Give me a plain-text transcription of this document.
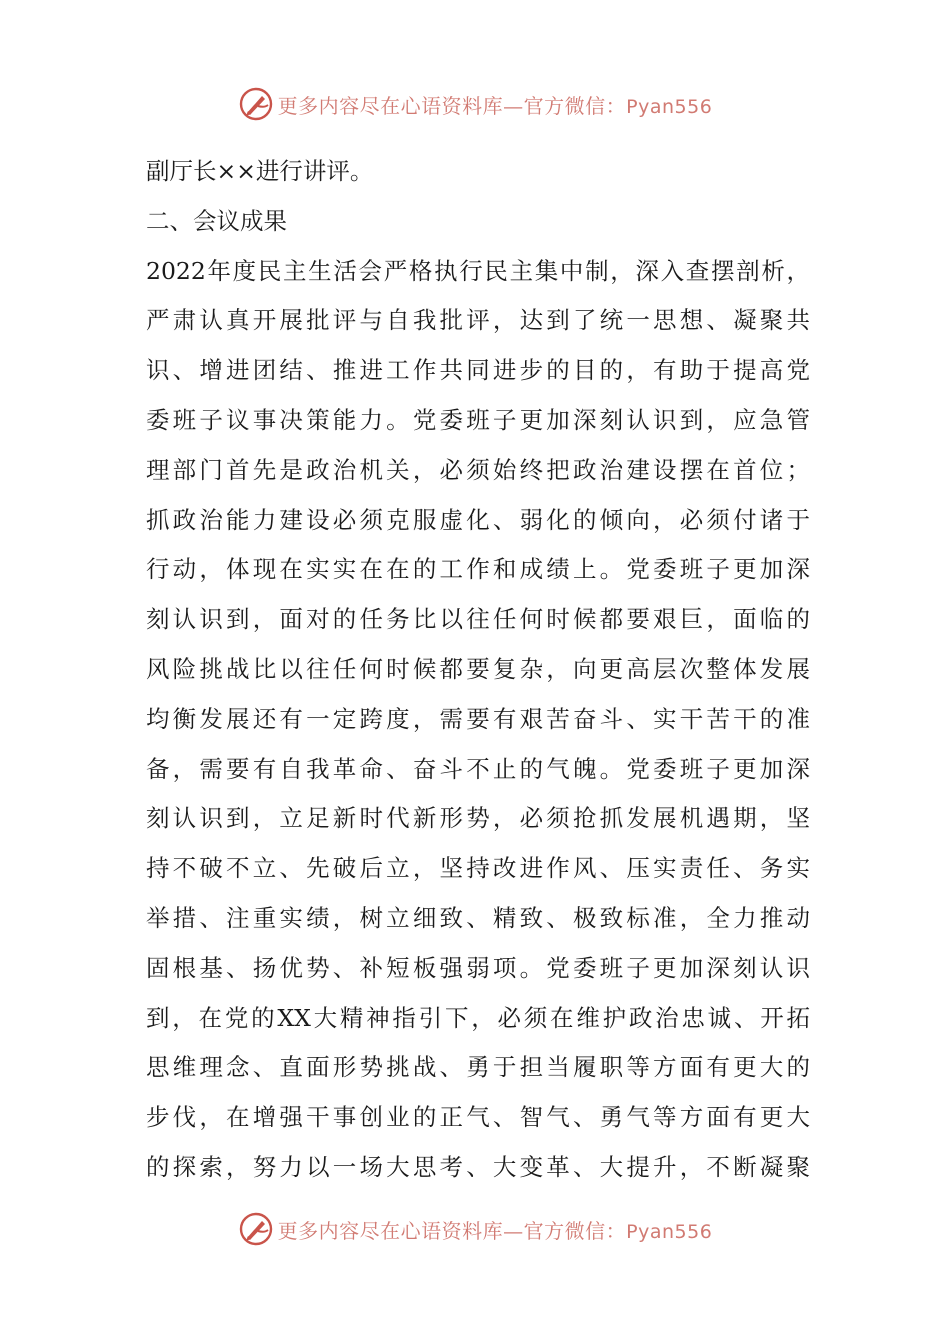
更多内容尽在心语资料库—官方微信：Pyan556
副厅长××进行讲评。
二、会议成果
2022年度民主生活会严格执行民主集中制，深入查摆剖析，
严肃认真开展批评与自我批评，达到了统一思想、凝聚共
识、增进团结、推进工作共同进步的目的，有助于提高党
委班子议事决策能力。党委班子更加深刻认识到，应急管
理部门首先是政治机关，必须始终把政治建设摆在首位；
抓政治能力建设必须克服虚化、弱化的倾向，必须付诸于
行动，体现在实实在在的工作和成绩上。党委班子更加深
刻认识到，面对的任务比以往任何时候都要艰巨，面临的
风险挑战比以往任何时候都要复杂，向更高层次整体发展
均衡发展还有一定跨度，需要有艰苦奋斗、实干苦干的准
备，需要有自我革命、奋斗不止的气魄。党委班子更加深
刻认识到，立足新时代新形势，必须抢抓发展机遇期，坚
持不破不立、先破后立，坚持改进作风、压实责任、务实
举措、注重实绩，树立细致、精致、极致标准，全力推动
固根基、扬优势、补短板强弱项。党委班子更加深刻认识
到，在党的XX大精神指引下，必须在维护政治忠诚、开拓
思维理念、直面形势挑战、勇于担当履职等方面有更大的
步伐，在增强干事创业的正气、智气、勇气等方面有更大
的探索，努力以一场大思考、大变革、大提升，不断凝聚
更多内容尽在心语资料库—官方微信：Pyan556
